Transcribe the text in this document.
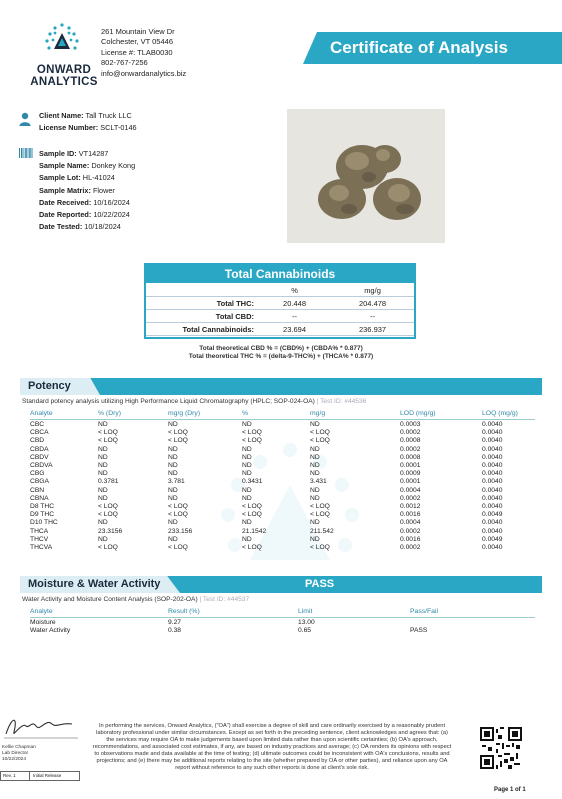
ONWARD
ANALYTICS
261 Mountain View Dr
Colchester, VT 05446
License #: TLAB0030
802-767-7256
info@onwardanalytics.biz
Certificate of Analysis
Client Name: Tall Truck LLC
License Number: SCLT-0146
Sample ID: VT14287
Sample Name: Donkey Kong
Sample Lot: HL-41024
Sample Matrix: Flower
Date Received: 10/16/2024
Date Reported: 10/22/2024
Date Tested: 10/18/2024
Total Cannabinoids
	%	mg/g
Total THC:	20.448	204.478
Total CBD:	--	--
Total Cannabinoids:	23.694	236.937
Total theoretical CBD % = (CBD%) + (CBDA% * 0.877)
Total theoretical THC % = (delta-9-THC%) + (THCA% * 0.877)
Potency
Standard potency analysis utilizing High Performance Liquid Chromatography (HPLC; SOP-024-OA) | Test ID: #44536
Analyte	% (Dry)	mg/g (Dry)	%	mg/g	LOD (mg/g)	LOQ (mg/g)
CBC	ND	ND	ND	ND	0.0003	0.0040
CBCA	< LOQ	< LOQ	< LOQ	< LOQ	0.0002	0.0040
CBD	< LOQ	< LOQ	< LOQ	< LOQ	0.0008	0.0040
CBDA	ND	ND	ND	ND	0.0002	0.0040
CBDV	ND	ND	ND	ND	0.0008	0.0040
CBDVA	ND	ND	ND	ND	0.0001	0.0040
CBG	ND	ND	ND	ND	0.0009	0.0040
CBGA	0.3781	3.781	0.3431	3.431	0.0001	0.0040
CBN	ND	ND	ND	ND	0.0004	0.0040
CBNA	ND	ND	ND	ND	0.0002	0.0040
D8 THC	< LOQ	< LOQ	< LOQ	< LOQ	0.0012	0.0040
D9 THC	< LOQ	< LOQ	< LOQ	< LOQ	0.0016	0.0049
D10 THC	ND	ND	ND	ND	0.0004	0.0040
THCA	23.3156	233.156	21.1542	211.542	0.0002	0.0040
THCV	ND	ND	ND	ND	0.0016	0.0049
THCVA	< LOQ	< LOQ	< LOQ	< LOQ	0.0002	0.0040
Moisture & Water Activity	PASS
Water Activity and Moisture Content Analysis (SOP-202-OA) | Test ID: #44537
Analyte	Result (%)	Limit	Pass/Fail
Moisture	9.27	13.00
Water Activity	0.38	0.65	PASS
Kellie Chapman
Lab Director
10/22/2024
Rev. 1	Initial Release
In performing the services, Onward Analytics, ("OA") shall exercise a degree of skill and care ordinarily exercised by a reasonably prudent laboratory professional under similar circumstances. Except as set forth in the preceding sentence, client acknowledges and agrees that: (a) the services may require OA to make judgements based upon limited data rather than upon scientific certainties; (b) OA's approach, recommendations, and associated cost estimates, if any, are based on industry practices and average; (c) OA renders its opinions with respect to observations made and data available at the time of testing; (d) ultimate outcomes could be inconsistent with OA's conclusions, results and projections; and (e) there may be additional reports relating to the site (whether prepared by OA or other parties), and reliance upon any OA report without reference to any such other reports is done at client's sole risk.
Page 1 of 1
